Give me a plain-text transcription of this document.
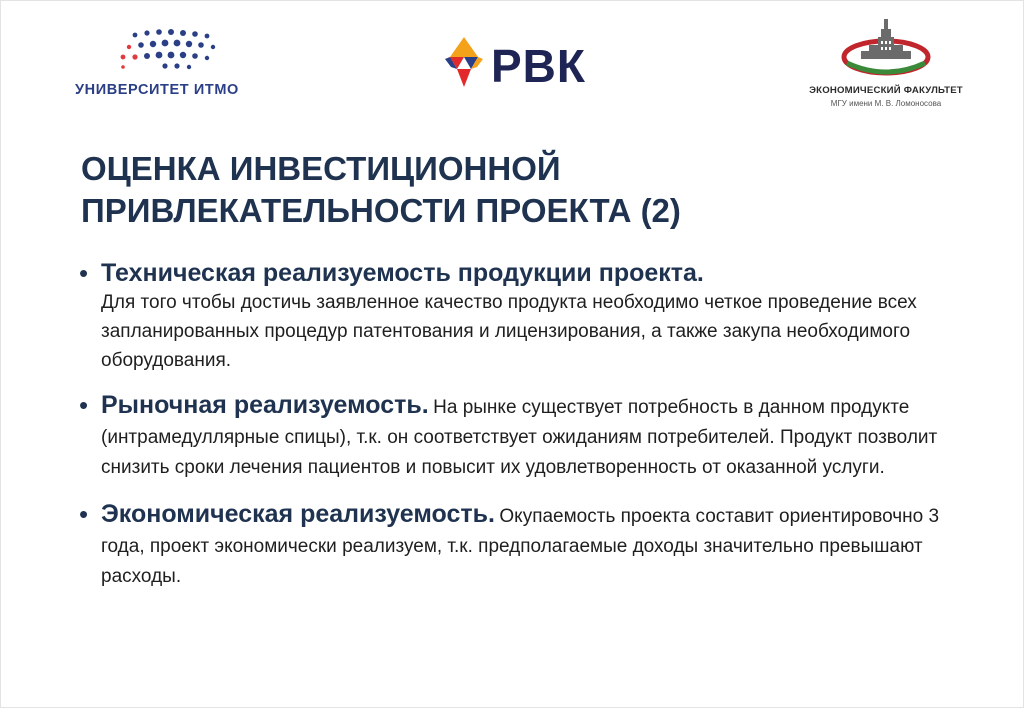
УНИВЕРСИТЕТ ИТМО	РВК	ЭКОНОМИЧЕСКИЙ ФАКУЛЬТЕТ
МГУ имени М. В. Ломоносова
ОЦЕНКА ИНВЕСТИЦИОННОЙ
ПРИВЛЕКАТЕЛЬНОСТИ ПРОЕКТА (2)
• Техническая реализуемость продукции проекта.
Для того чтобы достичь заявленное качество продукта необходимо четкое проведение всех запланированных процедур патентования и лицензирования, а также закупа необходимого оборудования.
• Рыночная реализуемость. На рынке существует потребность в данном продукте (интрамедуллярные спицы), т.к. он соответствует ожиданиям потребителей. Продукт позволит снизить сроки лечения пациентов и повысит их удовлетворенность от оказанной услуги.
• Экономическая реализуемость. Окупаемость проекта составит ориентировочно 3 года, проект экономически реализуем, т.к. предполагаемые доходы значительно превышают расходы.
